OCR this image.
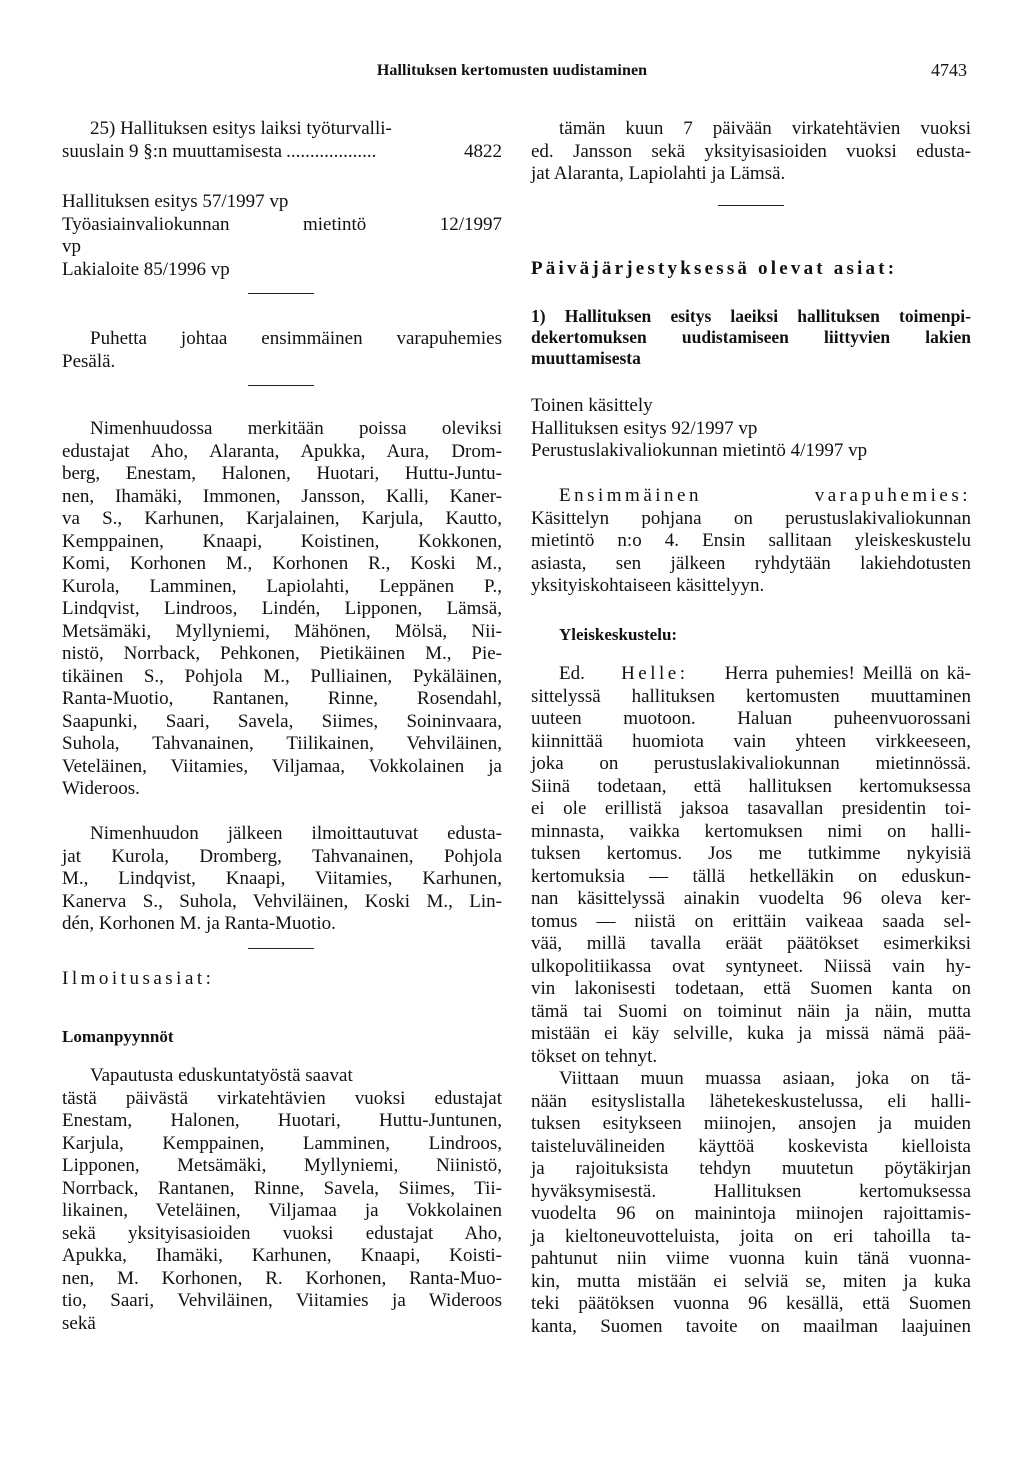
Hallituksen kertomusten uudistaminen	4743
25) Hallituksen esitys laiksi työturvalli-
suuslain 9 §:n muuttamisesta ...................	4822
Hallituksen esitys 57/1997 vp
Työasiainvaliokunnan mietintö 12/1997
vp
Lakialoite 85/1996 vp
Puhetta johtaa ensimmäinen varapuhemies
Pesälä.
Nimenhuudossa merkitään poissa oleviksi
edustajat Aho, Alaranta, Apukka, Aura, Drom-
berg, Enestam, Halonen, Huotari, Huttu-Juntu-
nen, Ihamäki, Immonen, Jansson, Kalli, Kaner-
va S., Karhunen, Karjalainen, Karjula, Kautto,
Kemppainen, Knaapi, Koistinen, Kokkonen,
Komi, Korhonen M., Korhonen R., Koski M.,
Kurola, Lamminen, Lapiolahti, Leppänen P.,
Lindqvist, Lindroos, Lindén, Lipponen, Lämsä,
Metsämäki, Myllyniemi, Mähönen, Mölsä, Nii-
nistö, Norrback, Pehkonen, Pietikäinen M., Pie-
tikäinen S., Pohjola M., Pulliainen, Pykäläinen,
Ranta-Muotio, Rantanen, Rinne, Rosendahl,
Saapunki, Saari, Savela, Siimes, Soininvaara,
Suhola, Tahvanainen, Tiilikainen, Vehviläinen,
Veteläinen, Viitamies, Viljamaa, Vokkolainen ja
Wideroos.
Nimenhuudon jälkeen ilmoittautuvat edusta-
jat Kurola, Dromberg, Tahvanainen, Pohjola
M., Lindqvist, Knaapi, Viitamies, Karhunen,
Kanerva S., Suhola, Vehviläinen, Koski M., Lin-
dén, Korhonen M. ja Ranta-Muotio.
Ilmoitusasiat:
Lomanpyynnöt
Vapautusta eduskuntatyöstä saavat
tästä päivästä virkatehtävien vuoksi edustajat
Enestam, Halonen, Huotari, Huttu-Juntunen,
Karjula, Kemppainen, Lamminen, Lindroos,
Lipponen, Metsämäki, Myllyniemi, Niinistö,
Norrback, Rantanen, Rinne, Savela, Siimes, Tii-
likainen, Veteläinen, Viljamaa ja Vokkolainen
sekä yksityisasioiden vuoksi edustajat Aho,
Apukka, Ihamäki, Karhunen, Knaapi, Koisti-
nen, M. Korhonen, R. Korhonen, Ranta-Muo-
tio, Saari, Vehviläinen, Viitamies ja Wideroos
sekä
tämän kuun 7 päivään virkatehtävien vuoksi
ed. Jansson sekä yksityisasioiden vuoksi edusta-
jat Alaranta, Lapiolahti ja Lämsä.
Päiväjärjestyksessä olevat asiat:
1) Hallituksen esitys laeiksi hallituksen toimenpi-
dekertomuksen uudistamiseen liittyvien lakien
muuttamisesta
Toinen käsittely
Hallituksen esitys 92/1997 vp
Perustuslakivaliokunnan mietintö 4/1997 vp
Ensimmäinen varapuhemies:
Käsittelyn pohjana on perustuslakivaliokunnan
mietintö n:o 4. Ensin sallitaan yleiskeskustelu
asiasta, sen jälkeen ryhdytään lakiehdotusten
yksityiskohtaiseen käsittelyyn.
Yleiskeskustelu:
Ed. Helle: Herra puhemies! Meillä on kä-
sittelyssä hallituksen kertomusten muuttaminen
uuteen muotoon. Haluan puheenvuorossani
kiinnittää huomiota vain yhteen virkkeeseen,
joka on perustuslakivaliokunnan mietinnössä.
Siinä todetaan, että hallituksen kertomuksessa
ei ole erillistä jaksoa tasavallan presidentin toi-
minnasta, vaikka kertomuksen nimi on halli-
tuksen kertomus. Jos me tutkimme nykyisiä
kertomuksia — tällä hetkelläkin on eduskun-
nan käsittelyssä ainakin vuodelta 96 oleva ker-
tomus — niistä on erittäin vaikeaa saada sel-
vää, millä tavalla eräät päätökset esimerkiksi
ulkopolitiikassa ovat syntyneet. Niissä vain hy-
vin lakonisesti todetaan, että Suomen kanta on
tämä tai Suomi on toiminut näin ja näin, mutta
mistään ei käy selville, kuka ja missä nämä pää-
tökset on tehnyt.
Viittaan muun muassa asiaan, joka on tä-
nään esityslistalla lähetekeskustelussa, eli halli-
tuksen esitykseen miinojen, ansojen ja muiden
taisteluvälineiden käyttöä koskevista kielloista
ja rajoituksista tehdyn muutetun pöytäkirjan
hyväksymisestä. Hallituksen kertomuksessa
vuodelta 96 on mainintoja miinojen rajoittamis-
ja kieltoneuvotteluista, joita on eri tahoilla ta-
pahtunut niin viime vuonna kuin tänä vuonna-
kin, mutta mistään ei selviä se, miten ja kuka
teki päätöksen vuonna 96 kesällä, että Suomen
kanta, Suomen tavoite on maailman laajuinen
